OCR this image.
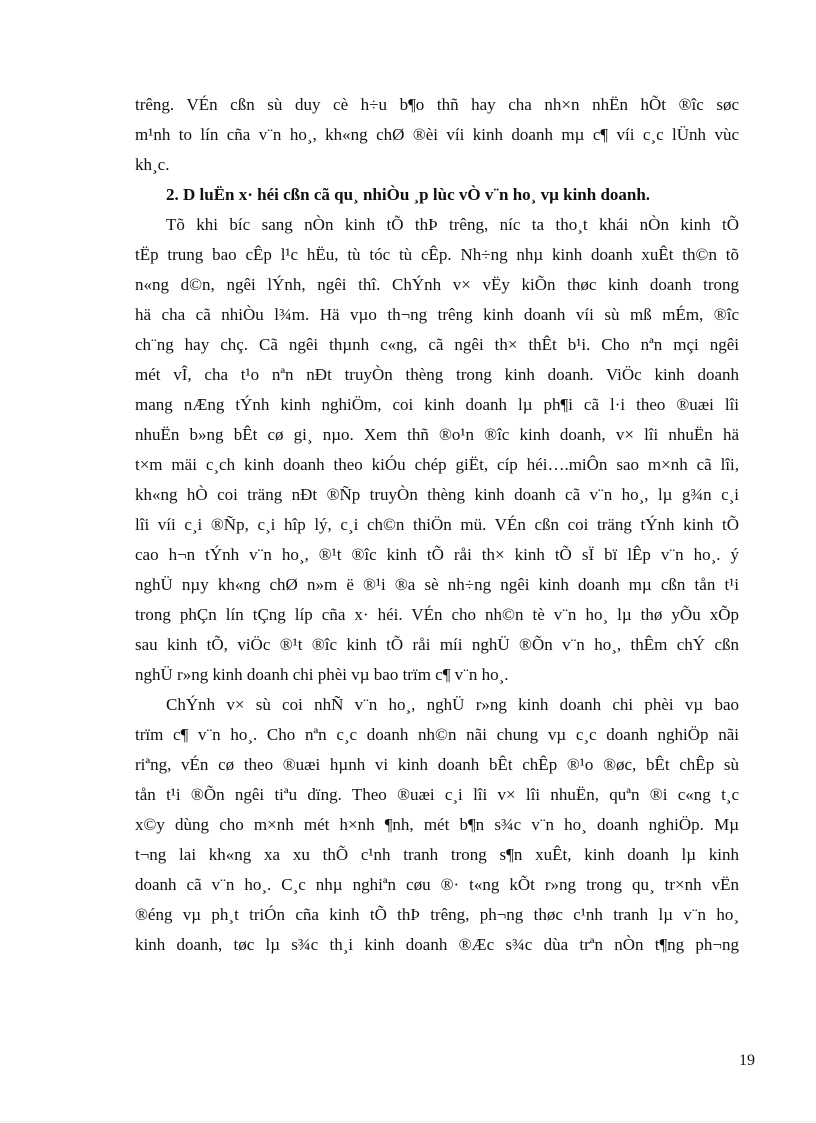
trêng. VÉn cßn sù duy cè h÷u b¶o thñ hay cha nh×n nhËn hÕt ®îc søc
m¹nh to lín cña v¨n ho¸, kh«ng chØ ®èi víi kinh doanh mµ c¶ víi c¸c lÜnh vùc
kh¸c.
2. D luËn x· héi cßn cã qu¸ nhiÒu ¸p lùc vÒ v¨n ho¸ vµ kinh doanh.
Tõ khi bíc sang nÒn kinh tÕ thÞ trêng, níc ta tho¸t khái nÒn kinh tÕ
tËp trung bao cÊp l¹c hËu, tù tóc tù cÊp. Nh÷ng nhµ kinh doanh xuÊt th©n tõ
n«ng d©n, ngêi lÝnh, ngêi thî. ChÝnh v× vËy kiÕn thøc kinh doanh trong
hä cha cã nhiÒu l¾m. Hä vµo th¬ng trêng kinh doanh víi sù mß mÉm, ®îc
ch¨ng hay chç. Cã ngêi thµnh c«ng, cã ngêi th× thÊt b¹i. Cho nªn mçi ngêi
mét vÎ, cha t¹o nªn nÐt truyÒn thèng trong kinh doanh. ViÖc kinh doanh
mang nÆng tÝnh kinh nghiÖm, coi kinh doanh lµ ph¶i cã l·i theo ®uæi lîi
nhuËn b»ng bÊt cø gi¸ nµo. Xem thñ ®o¹n ®îc kinh doanh, v× lîi nhuËn hä
t×m mäi c¸ch kinh doanh theo kiÓu chép giËt, cíp héi….miÔn sao m×nh cã lîi,
kh«ng hÒ coi träng nÐt ®Ñp truyÒn thèng kinh doanh cã v¨n ho¸, lµ g¾n c¸i
lîi víi c¸i ®Ñp, c¸i hîp lý, c¸i ch©n thiÖn mü. VÉn cßn coi träng tÝnh kinh tÕ
cao h¬n tÝnh v¨n ho¸, ®¹t ®îc kinh tÕ råi th× kinh tÕ sÏ bï lÊp v¨n ho¸. ý
nghÜ nµy kh«ng chØ n»m ë ®¹i ®a sè nh÷ng ngêi kinh doanh mµ cßn tån t¹i
trong phÇn lín tÇng líp cña x· héi. VÉn cho nh©n tè v¨n ho¸ lµ thø yÕu xÕp
sau kinh tÕ, viÖc ®¹t ®îc kinh tÕ råi míi nghÜ ®Õn v¨n ho¸, thÊm chÝ cßn
nghÜ r»ng kinh doanh chi phèi vµ bao trïm c¶ v¨n ho¸.
ChÝnh v× sù coi nhÑ v¨n ho¸, nghÜ r»ng kinh doanh chi phèi vµ bao
trïm c¶ v¨n ho¸. Cho nªn c¸c doanh nh©n nãi chung vµ c¸c doanh nghiÖp nãi
riªng, vÉn cø theo ®uæi hµnh vi kinh doanh bÊt chÊp ®¹o ®øc, bÊt chÊp sù
tån t¹i ®Õn ngêi tiªu dïng. Theo ®uæi c¸i lîi v× lîi nhuËn, quªn ®i c«ng t¸c
x©y dùng cho m×nh mét h×nh ¶nh, mét b¶n s¾c v¨n ho¸ doanh nghiÖp. Mµ
t¬ng lai kh«ng xa xu thÕ c¹nh tranh trong s¶n xuÊt, kinh doanh lµ kinh
doanh cã v¨n ho¸. C¸c nhµ nghiªn cøu ®· t«ng kÕt r»ng trong qu¸ tr×nh vËn
®éng vµ ph¸t triÓn cña kinh tÕ thÞ trêng, ph¬ng thøc c¹nh tranh lµ v¨n ho¸
kinh doanh, tøc lµ s¾c th¸i kinh doanh ®Æc s¾c dùa trªn nÒn t¶ng ph¬ng
19
